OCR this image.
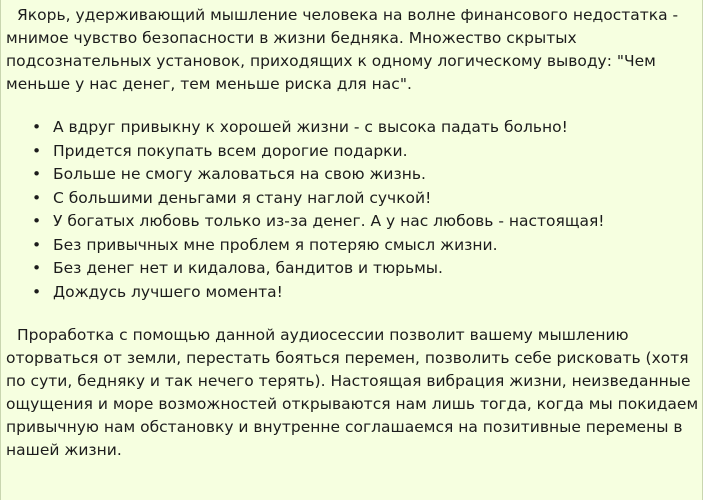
Якорь, удерживающий мышление человека на волне финансового недостатка - мнимое чувство безопасности в жизни бедняка. Множество скрытых подсознательных установок, приходящих к одному логическому выводу: "Чем меньше у нас денег, тем меньше риска для нас".

• А вдруг привыкну к хорошей жизни - с высока падать больно!
• Придется покупать всем дорогие подарки.
• Больше не смогу жаловаться на свою жизнь.
• С большими деньгами я стану наглой сучкой!
• У богатых любовь только из-за денег. А у нас любовь - настоящая!
• Без привычных мне проблем я потеряю смысл жизни.
• Без денег нет и кидалова, бандитов и тюрьмы.
• Дождусь лучшего момента!

Проработка с помощью данной аудиосессии позволит вашему мышлению оторваться от земли, перестать бояться перемен, позволить себе рисковать (хотя по сути, бедняку и так нечего терять). Настоящая вибрация жизни, неизведанные ощущения и море возможностей открываются нам лишь тогда, когда мы покидаем привычную нам обстановку и внутренне соглашаемся на позитивные перемены в нашей жизни.
